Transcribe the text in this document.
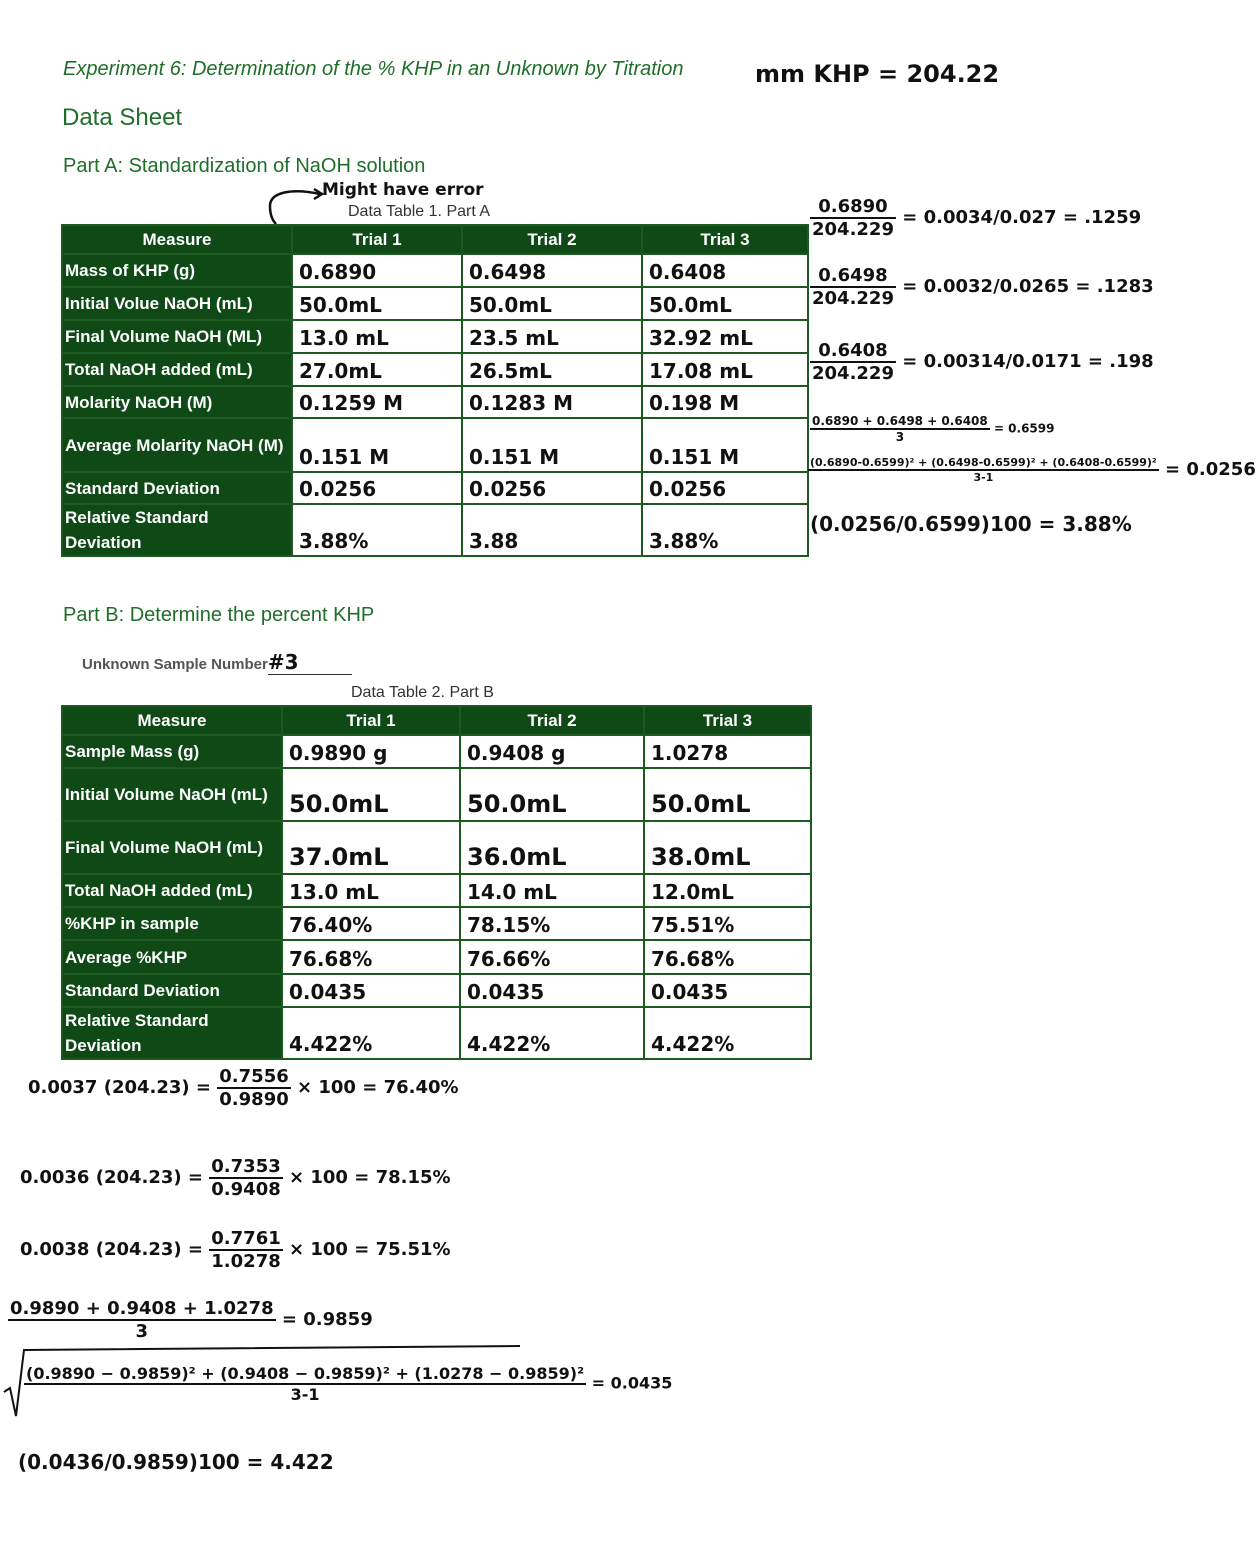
Experiment 6: Determination of the % KHP in an Unknown by Titration	mm KHP = 204.22
Data Sheet
Part A: Standardization of NaOH solution
Might have error
Data Table 1. Part A
Measure	Trial 1	Trial 2	Trial 3
Mass of KHP (g)	0.6890	0.6498	0.6408
Initial Volue NaOH (mL)	50.0mL	50.0mL	50.0mL
Final Volume NaOH (ML)	13.0 mL	23.5 mL	32.92 mL
Total NaOH added (mL)	27.0mL	26.5mL	17.08 mL
Molarity NaOH (M)	0.1259 M	0.1283 M	0.198 M
Average Molarity NaOH (M)	0.151 M	0.151 M	0.151 M
Standard Deviation	0.0256	0.0256	0.0256
Relative Standard Deviation	3.88%	3.88	3.88%
$\frac{0.6890}{204.229} = 0.0034/0.027 = .1259$
$\frac{0.6498}{204.229} = 0.0032/0.0265 = .1283$
$\frac{0.6408}{204.229} = 0.00314/0.0171 = .198$
$\frac{0.6890 + 0.6498 + 0.6408}{3} = 0.6599$
$\frac{\text{(0.6890-0.6599)² + (0.6498-0.6599)² + (0.6408-0.6599)²}}{3-1} = 0.0256$
(0.0256/0.6599)100 = 3.88%
Part B: Determine the percent KHP
Unknown Sample Number#3
Data Table 2. Part B
Measure	Trial 1	Trial 2	Trial 3
Sample Mass (g)	0.9890 g	0.9408 g	1.0278
Initial Volume NaOH (mL)	50.0mL	50.0mL	50.0mL
Final Volume NaOH (mL)	37.0mL	36.0mL	38.0mL
Total NaOH added (mL)	13.0 mL	14.0 mL	12.0mL
%KHP in sample	76.40%	78.15%	75.51%
Average %KHP	76.68%	76.66%	76.68%
Standard Deviation	0.0435	0.0435	0.0435
Relative Standard Deviation	4.422%	4.422%	4.422%
0.0037 $(204.23) = \frac{0.7556}{0.9890} \times 100 = 76.40\%$
0.0036 $(204.23) = \frac{0.7353}{0.9408} \times 100 = 78.15\%$
0.0038 $(204.23) = \frac{0.7761}{1.0278} \times 100 = 75.51\%$
$\frac{0.9890 + 0.9408 + 1.0278}{3} = 0.9859$
$\frac{\text{(0.9890 − 0.9859)² + (0.9408 − 0.9859)² + (1.0278 − 0.9859)²}}{3-1} = 0.0435$
(0.0436/0.9859)100 = 4.422
